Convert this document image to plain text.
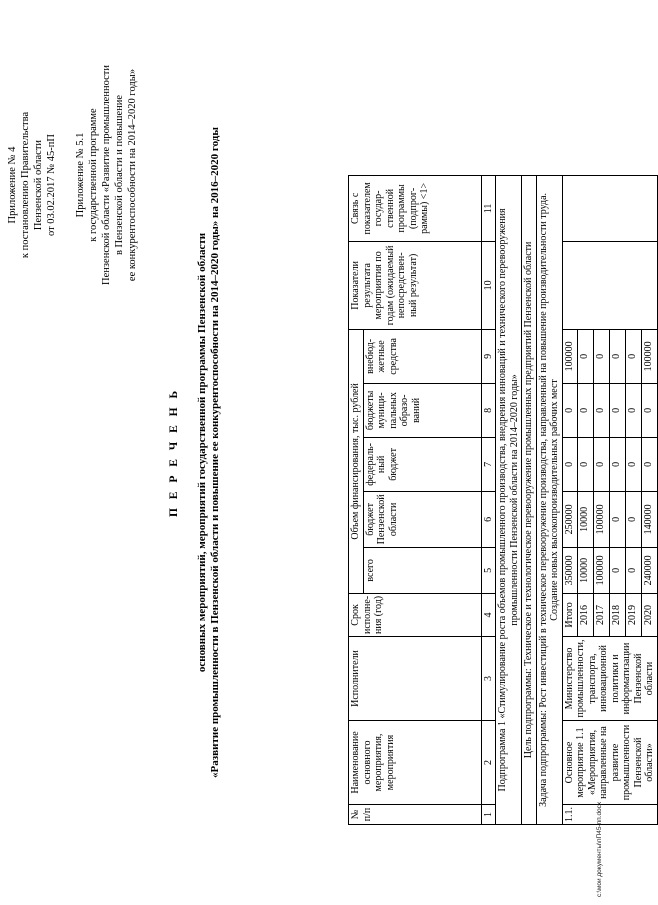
Приложение № 4 к постановлению Правительства Пензенской области от 03.02.2017 № 45-пП Приложение № 5.1 к государственной программе Пензенской области «Развитие промышленности в Пензенской области и повышение ее конкурентоспособности на 2014–2020 годы»
П Е Р Е Ч Е Н Ь основных мероприятий, мероприятий государственной программы Пензенской области «Развитие промышленности в Пензенской области и повышение ее конкурентоспособности на 2014–2020 годы» на 2016–2020 годы
№ п/п	Наименование основного мероприятия, мероприятия	Исполнители	Срок исполне-ния (год)	Объем финансирования, тыс. рублей					Показатели результата мероприятия по годам (ожидаемый непосредствен-ный результат)	Связь с показателем государ-ственной программы (подпрог-раммы) <1>
				всего	бюджет Пензенской области	федераль-ный бюджет	бюджеты муници-пальных образо-ваний	внебюд-жетные средства		
1	2	3	4	5	6	7	8	9	10	11
Подпрограмма 1 «Стимулирование роста объемов промышленного производства, внедрения инноваций и технического перевооружения промышленности Пензенской области на 2014–2020 годы»										
Цель подпрограммы: Техническое и технологическое перевооружение промышленных предприятий Пензенской области										
Задача подпрограммы: Рост инвестиций в техническое перевооружение производства, направленный на повышение производительности труда. Создание новых высокопроизводительных рабочих мест										
1.1.	Основное мероприятие 1.1 «Мероприятия, направленные на развитие промышленности Пензенской области»	Министерство промышленности, транспорта, инновационной политики и информатизации Пензенской области	Итого	350000	250000	0	0	100000		
			2016	10000	10000	0	0	0		
			2017	100000	100000	0	0	0		
			2018	0	0	0	0	0		
			2019	0	0	0	0	0		
			2020	240000	140000	0	0	100000		
c:\мои документы\пП45-пп.docx
